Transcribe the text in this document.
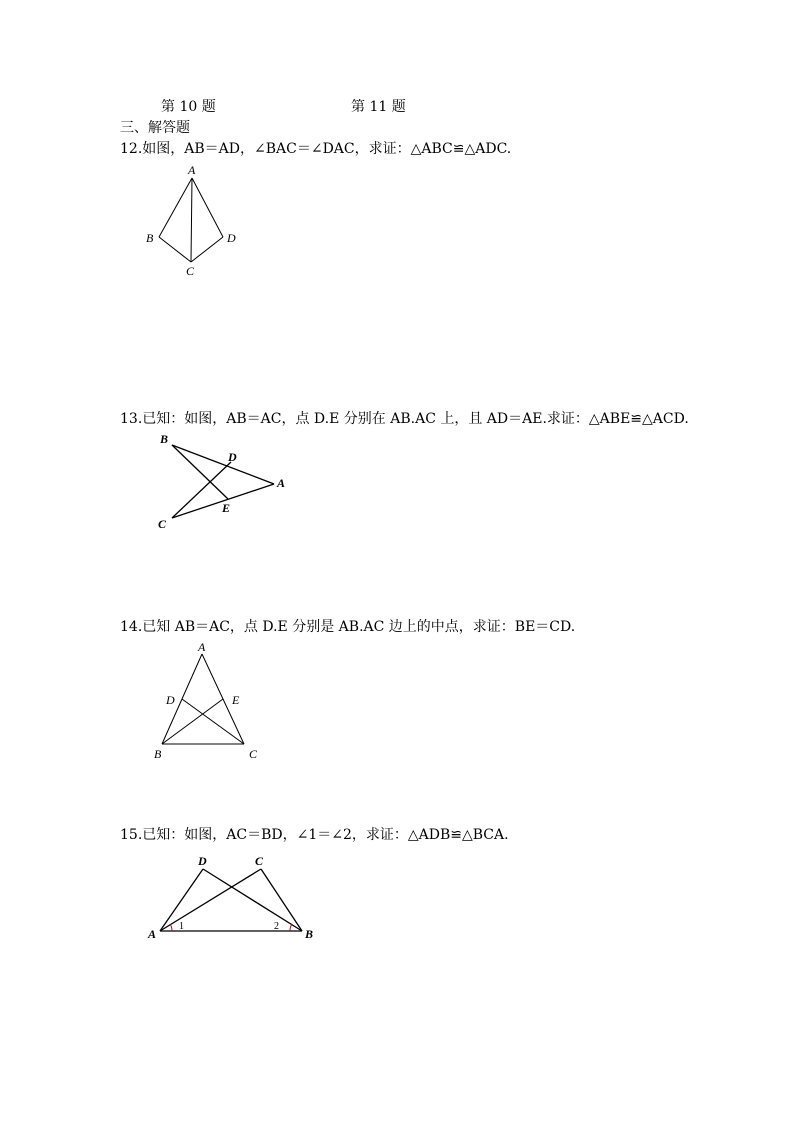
第 10 题	第 11 题
三、解答题
12.如图，AB＝AD，∠BAC＝∠DAC，求证：△ABC≌△ADC.
A
B
C
D
13.已知：如图，AB＝AC，点 D.E 分别在 AB.AC 上，且 AD＝AE.求证：△ABE≌△ACD.
B
D
A
C
E
14.已知 AB＝AC，点 D.E 分别是 AB.AC 边上的中点，求证：BE＝CD.
A
D	E
B	C
15.已知：如图，AC＝BD，∠1＝∠2，求证：△ADB≌△BCA.
D	C
A	B
1	2
